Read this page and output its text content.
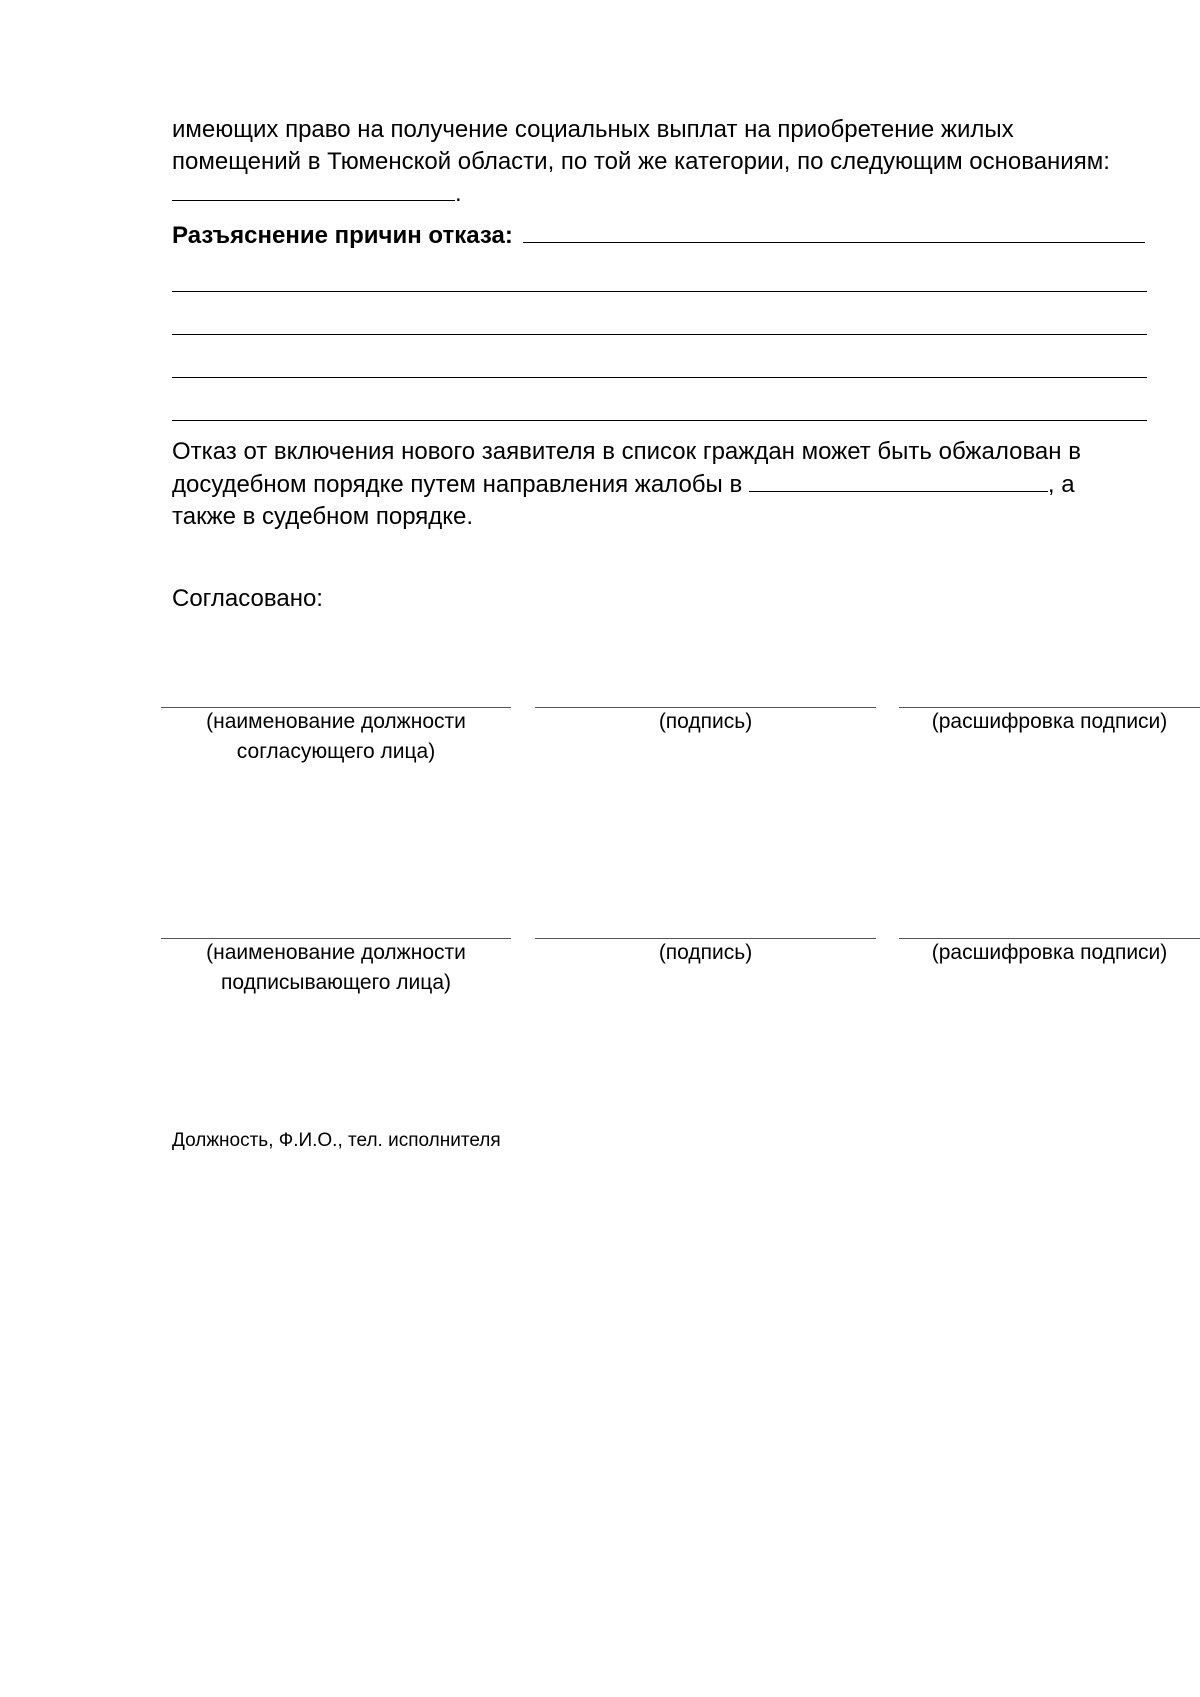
имеющих право на получение социальных выплат на приобретение жилых
помещений в Тюменской области, по той же категории, по следующим основаниям:
.
Разъяснение причин отказа:
Отказ от включения нового заявителя в список граждан может быть обжалован в
досудебном порядке путем направления жалобы в	, а
также в судебном порядке.
Согласовано:
(наименование должности
согласующего лица)
(подпись)	(расшифровка подписи)
(наименование должности
подписывающего лица)
(подпись)	(расшифровка подписи)
Должность, Ф.И.О., тел. исполнителя
